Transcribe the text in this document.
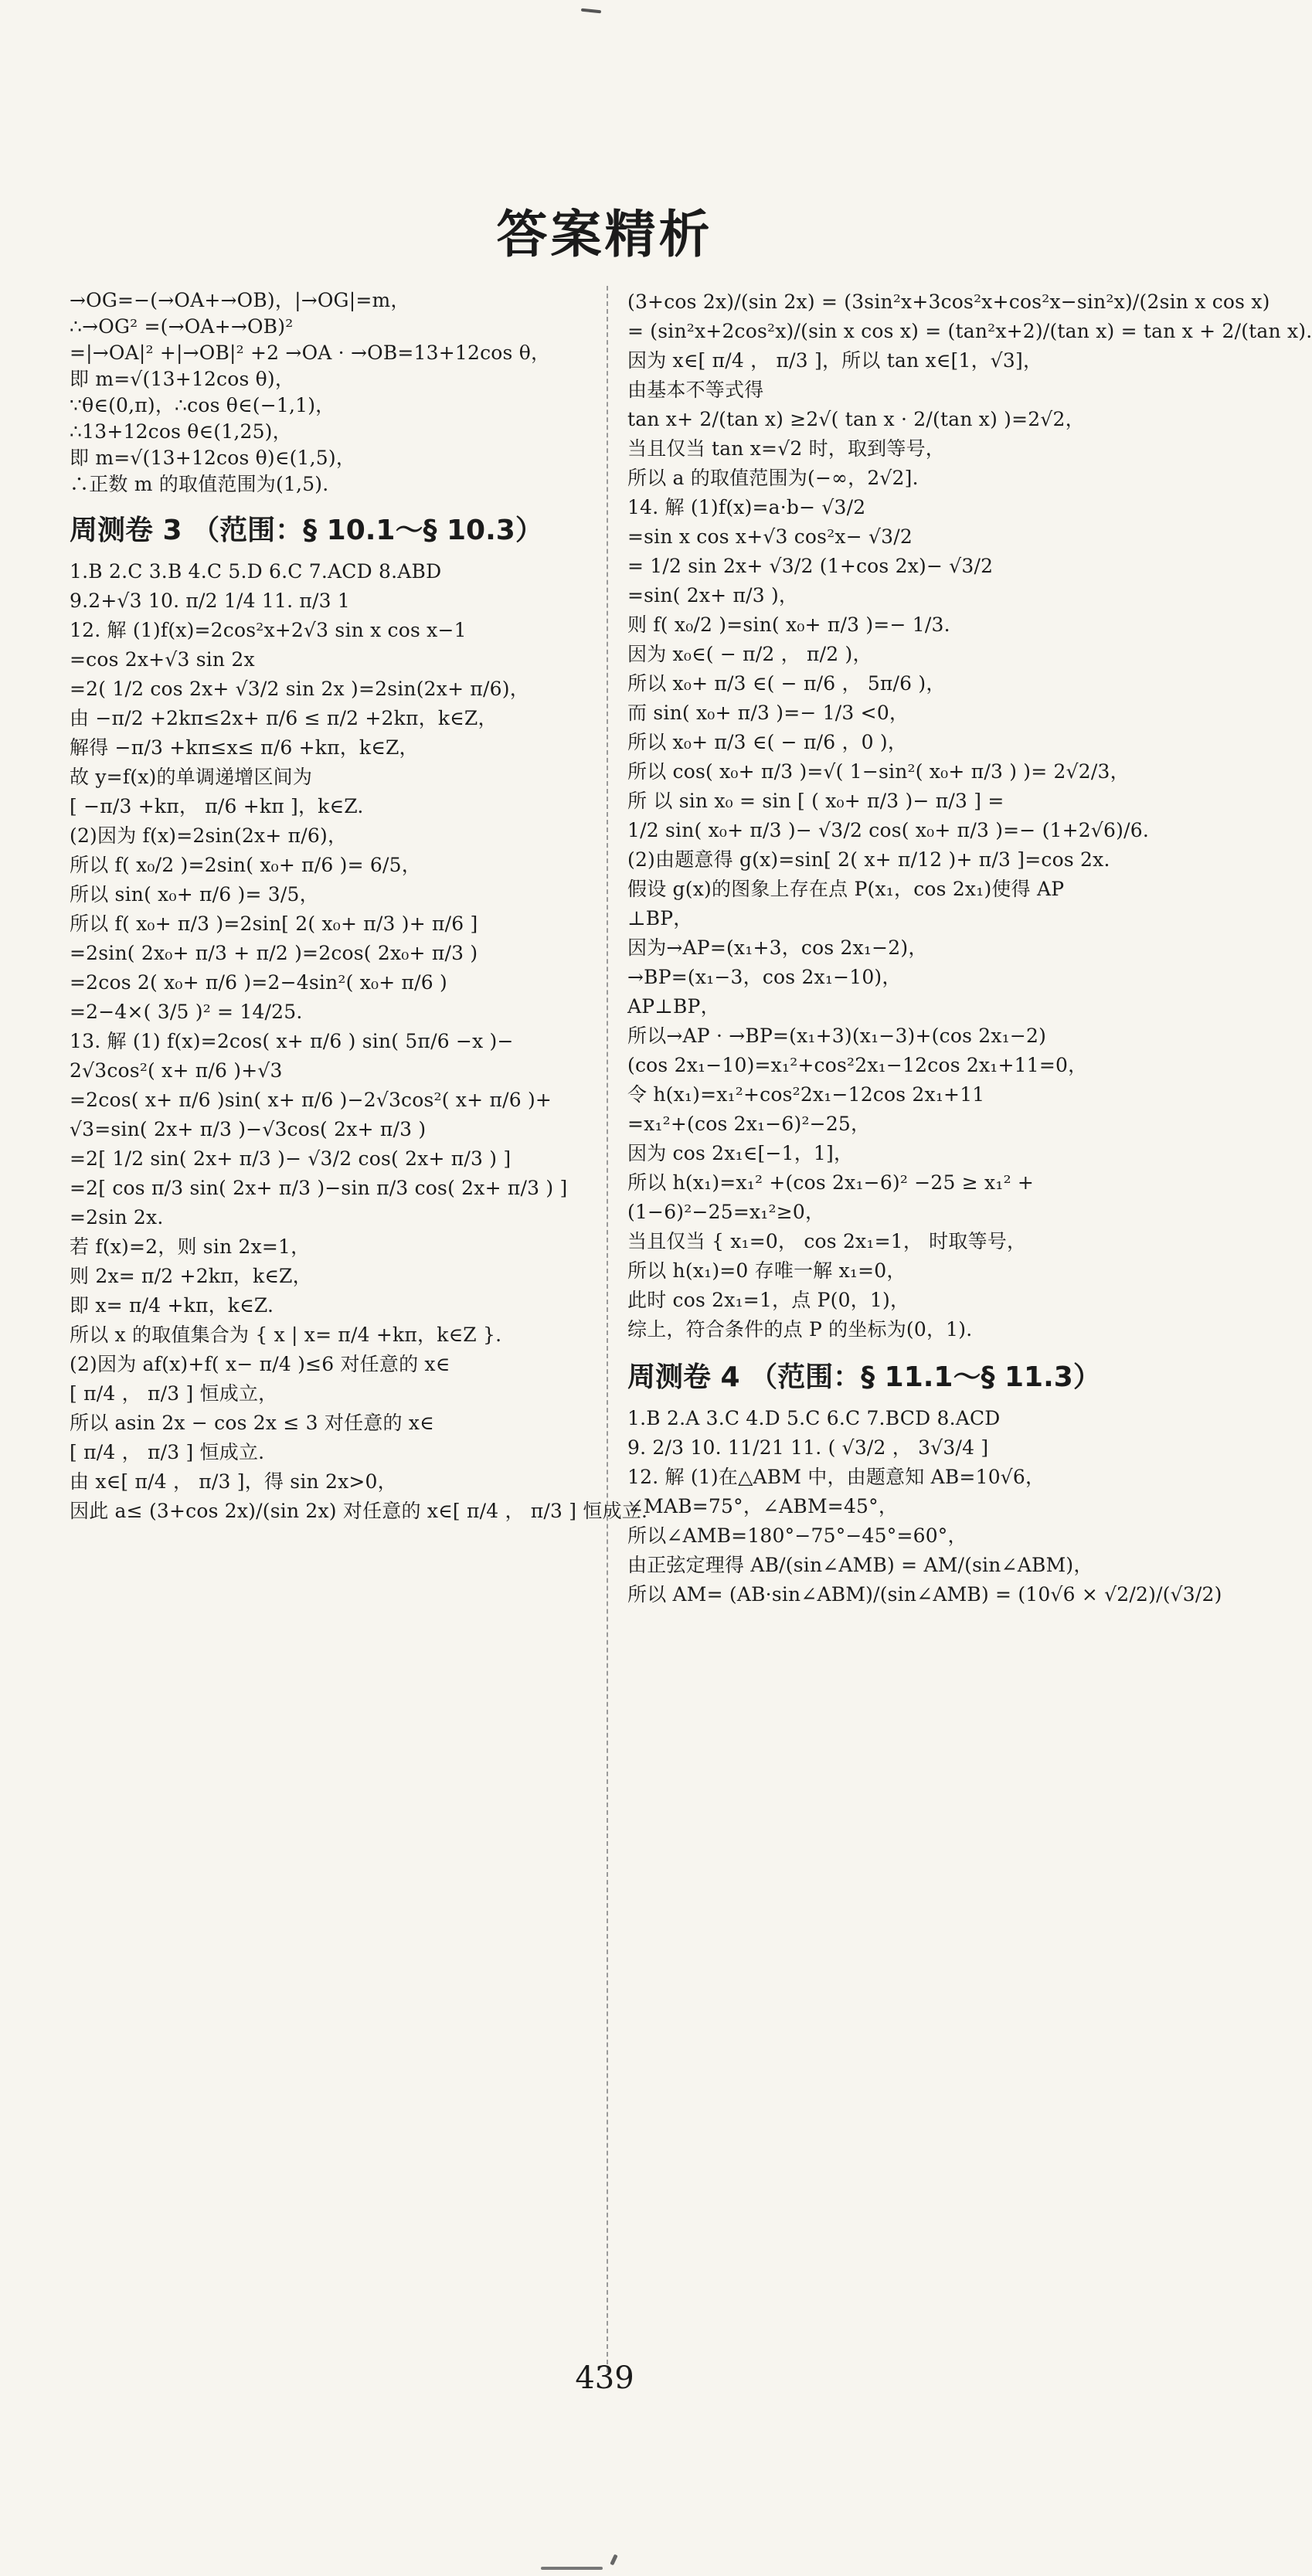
答案精析
→OG=−(→OA+→OB)，|→OG|=m，
∴→OG² =(→OA+→OB)²
=|→OA|² +|→OB|² +2 →OA · →OB=13+12cos θ，
即 m=√(13+12cos θ)，
∵θ∈(0,π)，∴cos θ∈(−1,1)，
∴13+12cos θ∈(1,25)，
即 m=√(13+12cos θ)∈(1,5)，
∴正数 m 的取值范围为(1,5).
周测卷 3 （范围：§ 10.1～§ 10.3）
1.B 2.C 3.B 4.C 5.D 6.C 7.ACD 8.ABD
9.2+√3 10. π/2 1/4 11. π/3 1
12. 解 (1)f(x)=2cos²x+2√3 sin x cos x−1
=cos 2x+√3 sin 2x
=2( 1/2 cos 2x+ √3/2 sin 2x )=2sin(2x+ π/6)，
由 −π/2 +2kπ≤2x+ π/6 ≤ π/2 +2kπ，k∈Z，
解得 −π/3 +kπ≤x≤ π/6 +kπ，k∈Z，
故 y=f(x)的单调递增区间为
[ −π/3 +kπ， π/6 +kπ ]，k∈Z.
(2)因为 f(x)=2sin(2x+ π/6)，
所以 f( x₀/2 )=2sin( x₀+ π/6 )= 6/5，
所以 sin( x₀+ π/6 )= 3/5，
所以 f( x₀+ π/3 )=2sin[ 2( x₀+ π/3 )+ π/6 ]
=2sin( 2x₀+ π/3 + π/2 )=2cos( 2x₀+ π/3 )
=2cos 2( x₀+ π/6 )=2−4sin²( x₀+ π/6 )
=2−4×( 3/5 )² = 14/25.
13. 解 (1) f(x)=2cos( x+ π/6 ) sin( 5π/6 −x )−
2√3cos²( x+ π/6 )+√3
=2cos( x+ π/6 )sin( x+ π/6 )−2√3cos²( x+ π/6 )+
√3=sin( 2x+ π/3 )−√3cos( 2x+ π/3 )
=2[ 1/2 sin( 2x+ π/3 )− √3/2 cos( 2x+ π/3 ) ]
=2[ cos π/3 sin( 2x+ π/3 )−sin π/3 cos( 2x+ π/3 ) ]
=2sin 2x.
若 f(x)=2，则 sin 2x=1，
则 2x= π/2 +2kπ，k∈Z，
即 x= π/4 +kπ，k∈Z.
所以 x 的取值集合为 { x | x= π/4 +kπ，k∈Z }.
(2)因为 af(x)+f( x− π/4 )≤6 对任意的 x∈
[ π/4 ， π/3 ] 恒成立，
所以 asin 2x − cos 2x ≤ 3 对任意的 x∈
[ π/4 ， π/3 ] 恒成立.
由 x∈[ π/4 ， π/3 ]，得 sin 2x>0，
因此 a≤ (3+cos 2x)/(sin 2x) 对任意的 x∈[ π/4 ， π/3 ] 恒成立.
(3+cos 2x)/(sin 2x) = (3sin²x+3cos²x+cos²x−sin²x)/(2sin x cos x)
= (sin²x+2cos²x)/(sin x cos x) = (tan²x+2)/(tan x) = tan x + 2/(tan x).
因为 x∈[ π/4 ， π/3 ]，所以 tan x∈[1，√3]，
由基本不等式得
tan x+ 2/(tan x) ≥2√( tan x · 2/(tan x) )=2√2，
当且仅当 tan x=√2 时，取到等号，
所以 a 的取值范围为(−∞，2√2].
14. 解 (1)f(x)=a·b− √3/2
=sin x cos x+√3 cos²x− √3/2
= 1/2 sin 2x+ √3/2 (1+cos 2x)− √3/2
=sin( 2x+ π/3 )，
则 f( x₀/2 )=sin( x₀+ π/3 )=− 1/3.
因为 x₀∈( − π/2 ， π/2 )，
所以 x₀+ π/3 ∈( − π/6 ， 5π/6 )，
而 sin( x₀+ π/3 )=− 1/3 <0，
所以 x₀+ π/3 ∈( − π/6 ，0 )，
所以 cos( x₀+ π/3 )=√( 1−sin²( x₀+ π/3 ) )= 2√2/3，
所 以 sin x₀ = sin [ ( x₀+ π/3 )− π/3 ] =
1/2 sin( x₀+ π/3 )− √3/2 cos( x₀+ π/3 )=− (1+2√6)/6.
(2)由题意得 g(x)=sin[ 2( x+ π/12 )+ π/3 ]=cos 2x.
假设 g(x)的图象上存在点 P(x₁，cos 2x₁)使得 AP
⊥BP，
因为→AP=(x₁+3，cos 2x₁−2)，
→BP=(x₁−3，cos 2x₁−10)，
AP⊥BP，
所以→AP · →BP=(x₁+3)(x₁−3)+(cos 2x₁−2)
(cos 2x₁−10)=x₁²+cos²2x₁−12cos 2x₁+11=0，
令 h(x₁)=x₁²+cos²2x₁−12cos 2x₁+11
=x₁²+(cos 2x₁−6)²−25，
因为 cos 2x₁∈[−1，1]，
所以 h(x₁)=x₁² +(cos 2x₁−6)² −25 ≥ x₁² +
(1−6)²−25=x₁²≥0，
当且仅当 { x₁=0， cos 2x₁=1， 时取等号，
所以 h(x₁)=0 存唯一解 x₁=0，
此时 cos 2x₁=1，点 P(0，1)，
综上，符合条件的点 P 的坐标为(0，1).
周测卷 4 （范围：§ 11.1～§ 11.3）
1.B 2.A 3.C 4.D 5.C 6.C 7.BCD 8.ACD
9. 2/3 10. 11/21 11. ( √3/2 ， 3√3/4 ]
12. 解 (1)在△ABM 中，由题意知 AB=10√6，
∠MAB=75°，∠ABM=45°，
所以∠AMB=180°−75°−45°=60°，
由正弦定理得 AB/(sin∠AMB) = AM/(sin∠ABM)，
所以 AM= (AB·sin∠ABM)/(sin∠AMB) = (10√6 × √2/2)/(√3/2)
439
